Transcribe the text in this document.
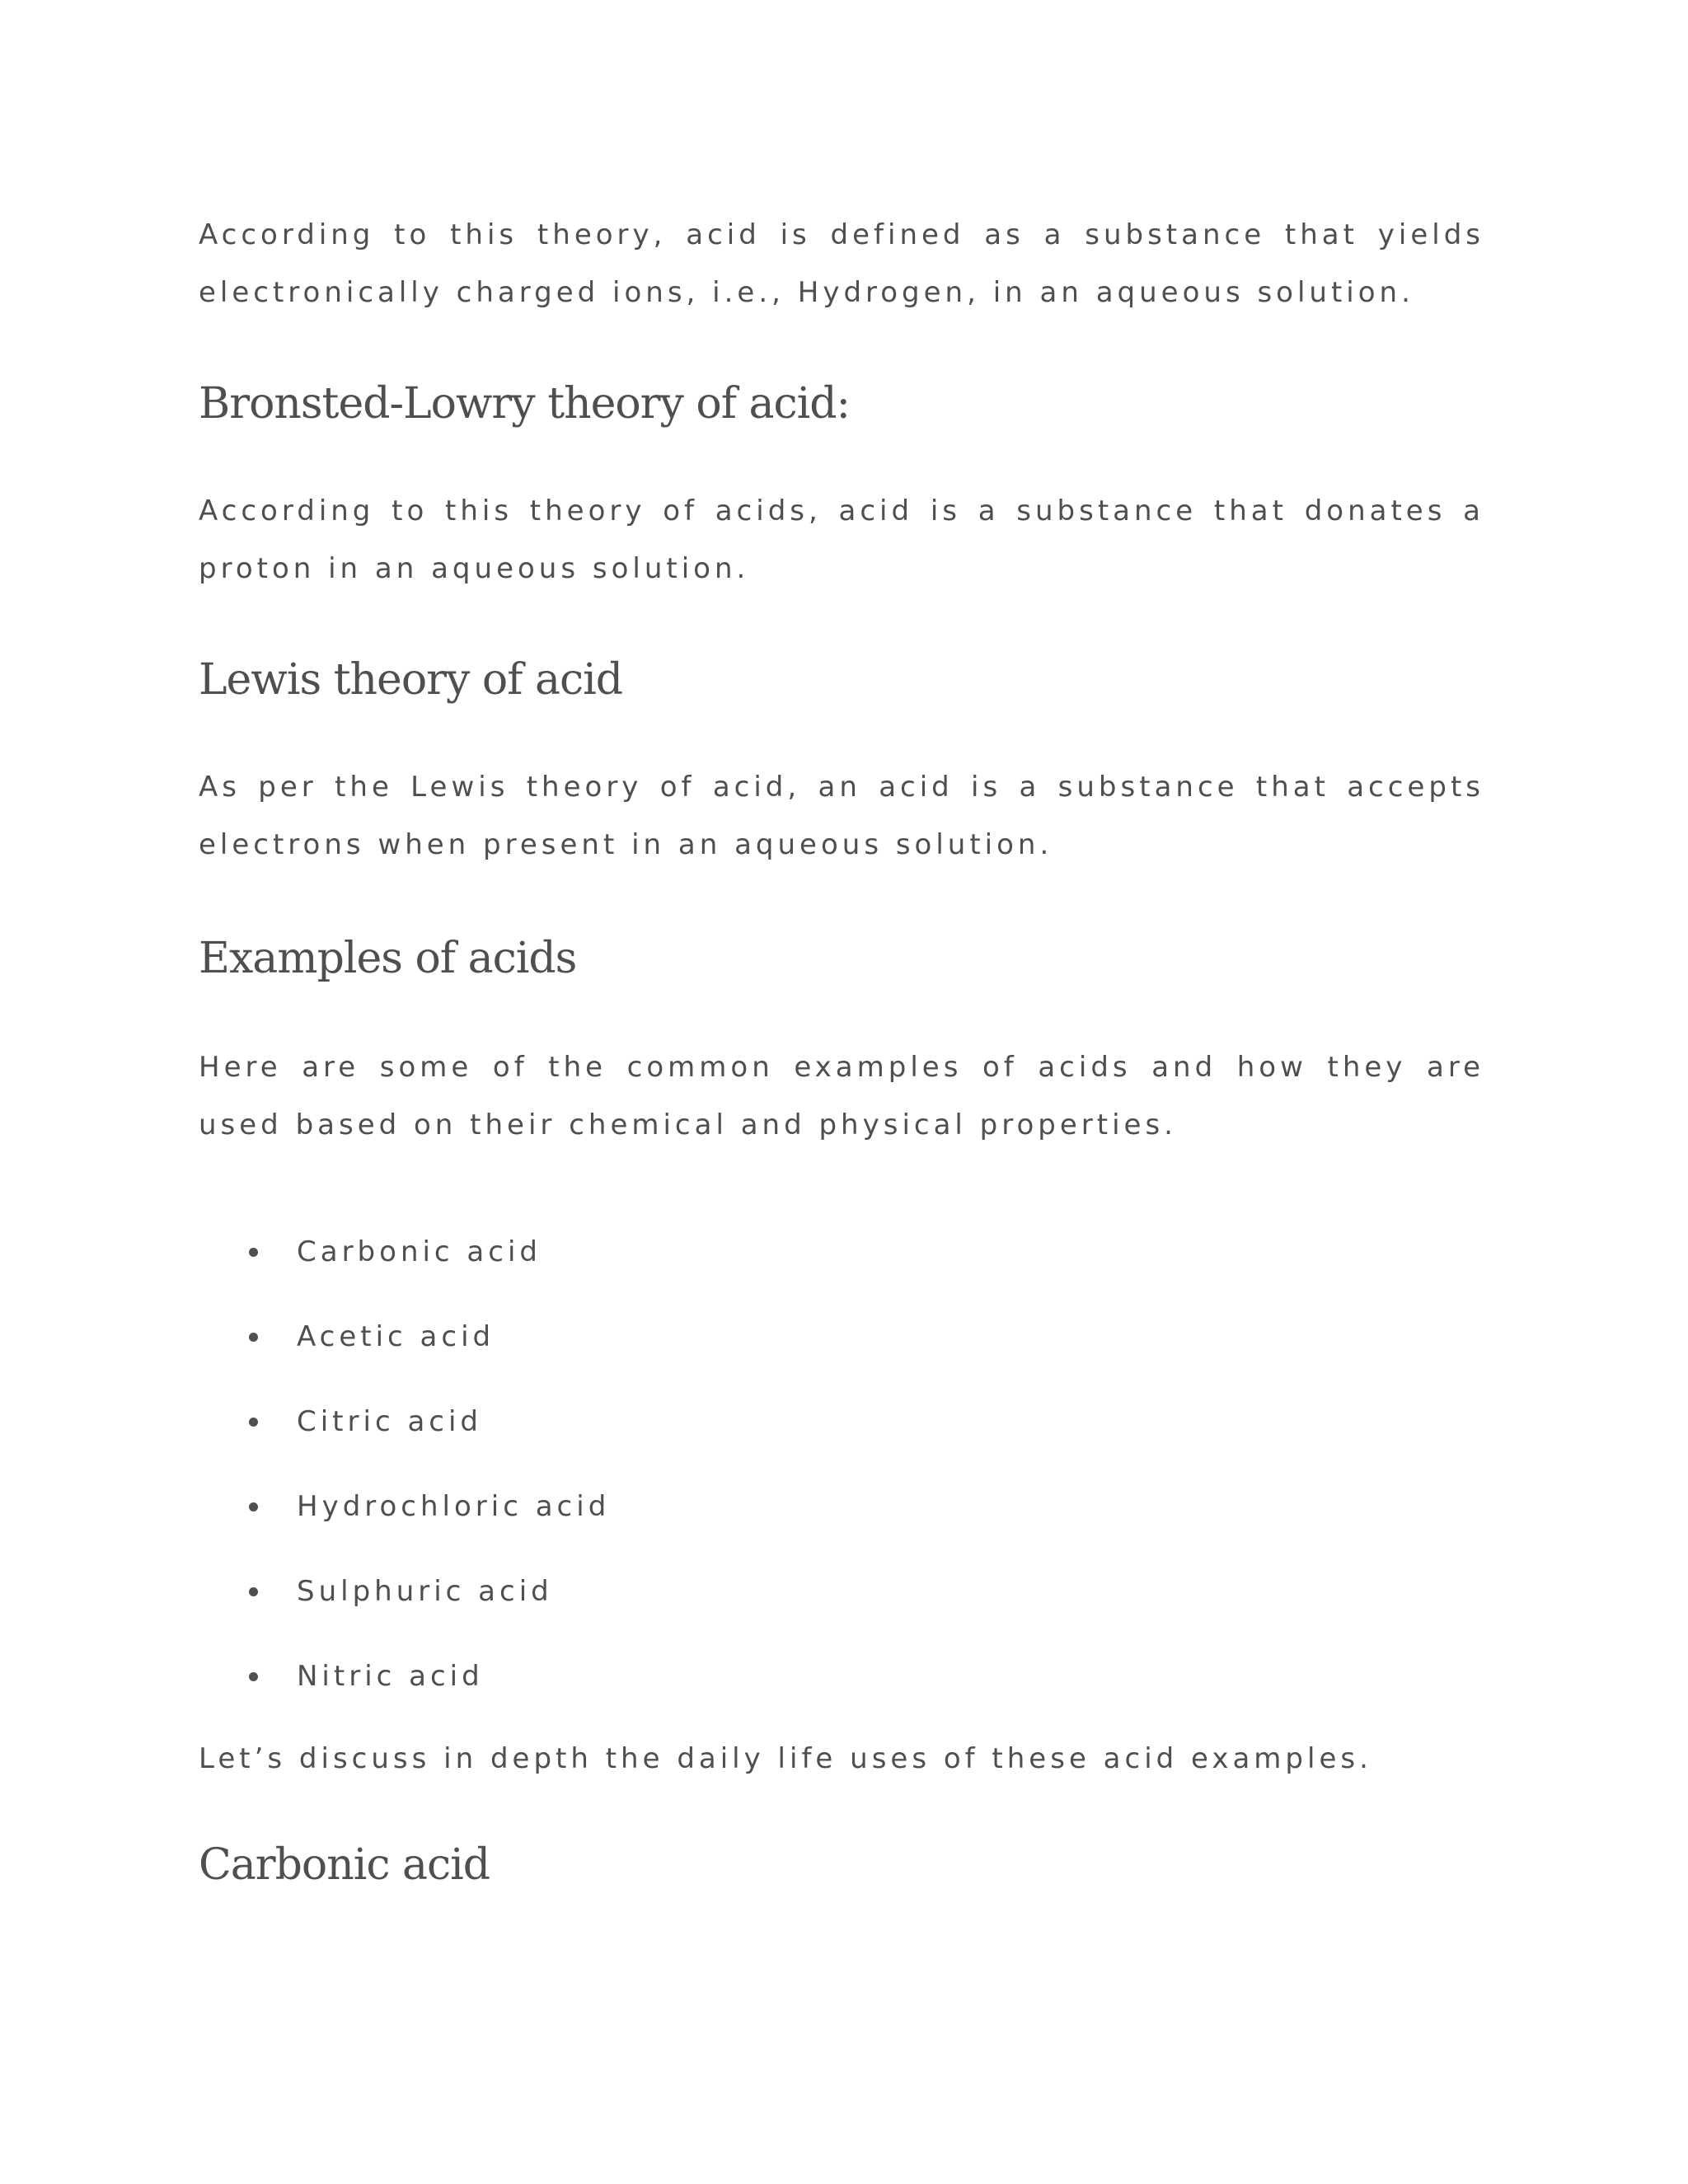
According to this theory, acid is defined as a substance that yields electronically charged ions, i.e., Hydrogen, in an aqueous solution.

Bronsted-Lowry theory of acid:

According to this theory of acids, acid is a substance that donates a proton in an aqueous solution.

Lewis theory of acid

As per the Lewis theory of acid, an acid is a substance that accepts electrons when present in an aqueous solution.

Examples of acids

Here are some of the common examples of acids and how they are used based on their chemical and physical properties.

Carbonic acid
Acetic acid
Citric acid
Hydrochloric acid
Sulphuric acid
Nitric acid

Let’s discuss in depth the daily life uses of these acid examples.

Carbonic acid
